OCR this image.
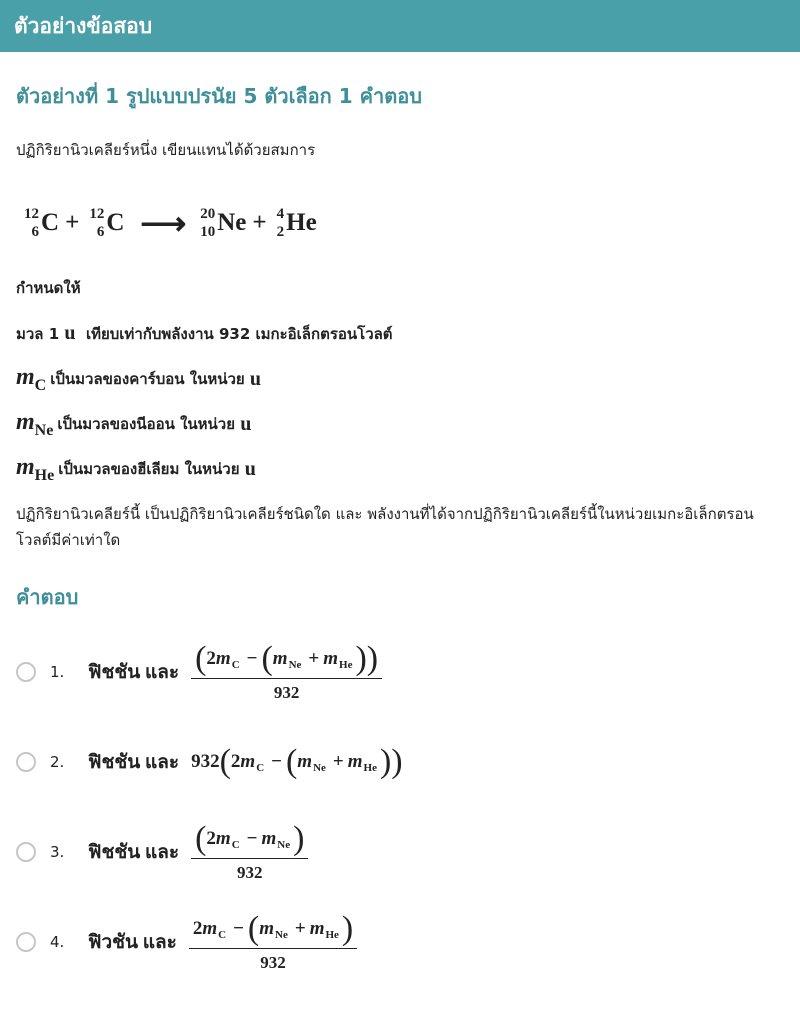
ตัวอย่างข้อสอบ
ตัวอย่างที่ 1 รูปแบบปรนัย 5 ตัวเลือก 1 คำตอบ
ปฏิกิริยานิวเคลียร์หนึ่ง เขียนแทนได้ด้วยสมการ
12
6 C + 12
6 C ⟶ 20
10 Ne + 4
2 He
กำหนดให้
มวล 1 u เทียบเท่ากับพลังงาน 932 เมกะอิเล็กตรอนโวลต์
m C เป็นมวลของคาร์บอน ในหน่วย
u
m Ne เป็นมวลของนีออน ในหน่วย
u
m He เป็นมวลของฮีเลียม ในหน่วย
u
ปฏิกิริยานิวเคลียร์นี้ เป็นปฏิกิริยานิวเคลียร์ชนิดใด และ พลังงานที่ได้จากปฏิกิริยานิวเคลียร์นี้ในหน่วยเมกะอิเล็กตรอนโวลต์มีค่าเท่าใด
คำตอบ
1.	ฟิชชัน และ ( 2 m C − ( m Ne + m He ) )
932
2.	ฟิชชัน และ 932 ( 2 m C − ( m Ne + m He ) )
3.	ฟิชชัน และ $\frac{\text{( 2 m C − m Ne )}}{932}$
4.	ฟิวชัน และ
2 m C − ( m Ne + m He )
932
